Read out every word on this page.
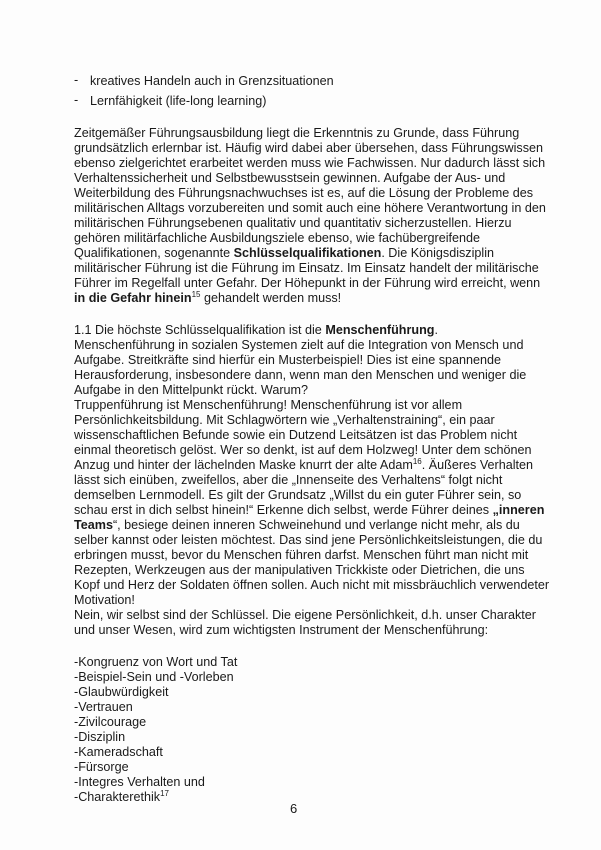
- kreatives Handeln auch in Grenzsituationen
- Lernfähigkeit (life-long learning)
Zeitgemäßer Führungsausbildung liegt die Erkenntnis zu Grunde, dass Führung
grundsätzlich erlernbar ist. Häufig wird dabei aber übersehen, dass Führungswissen
ebenso zielgerichtet erarbeitet werden muss wie Fachwissen. Nur dadurch lässt sich
Verhaltenssicherheit und Selbstbewusstsein gewinnen. Aufgabe der Aus- und
Weiterbildung des Führungsnachwuchses ist es, auf die Lösung der Probleme des
militärischen Alltags vorzubereiten und somit auch eine höhere Verantwortung in den
militärischen Führungsebenen qualitativ und quantitativ sicherzustellen. Hierzu
gehören militärfachliche Ausbildungsziele ebenso, wie fachübergreifende
Qualifikationen, sogenannte Schlüsselqualifikationen. Die Königsdisziplin
militärischer Führung ist die Führung im Einsatz. Im Einsatz handelt der militärische
Führer im Regelfall unter Gefahr. Der Höhepunkt in der Führung wird erreicht, wenn
in die Gefahr hinein$^{15}$ gehandelt werden muss!
1.1 Die höchste Schlüsselqualifikation ist die Menschenführung.
Menschenführung in sozialen Systemen zielt auf die Integration von Mensch und
Aufgabe. Streitkräfte sind hierfür ein Musterbeispiel! Dies ist eine spannende
Herausforderung, insbesondere dann, wenn man den Menschen und weniger die
Aufgabe in den Mittelpunkt rückt. Warum?
Truppenführung ist Menschenführung! Menschenführung ist vor allem
Persönlichkeitsbildung. Mit Schlagwörtern wie „Verhaltenstraining“, ein paar
wissenschaftlichen Befunde sowie ein Dutzend Leitsätzen ist das Problem nicht
einmal theoretisch gelöst. Wer so denkt, ist auf dem Holzweg! Unter dem schönen
Anzug und hinter der lächelnden Maske knurrt der alte Adam$^{16}$. Äußeres Verhalten
lässt sich einüben, zweifellos, aber die „Innenseite des Verhaltens“ folgt nicht
demselben Lernmodell. Es gilt der Grundsatz „Willst du ein guter Führer sein, so
schau erst in dich selbst hinein!“ Erkenne dich selbst, werde Führer deines „inneren
Teams“, besiege deinen inneren Schweinehund und verlange nicht mehr, als du
selber kannst oder leisten möchtest. Das sind jene Persönlichkeitsleistungen, die du
erbringen musst, bevor du Menschen führen darfst. Menschen führt man nicht mit
Rezepten, Werkzeugen aus der manipulativen Trickkiste oder Dietrichen, die uns
Kopf und Herz der Soldaten öffnen sollen. Auch nicht mit missbräuchlich verwendeter
Motivation!
Nein, wir selbst sind der Schlüssel. Die eigene Persönlichkeit, d.h. unser Charakter
und unser Wesen, wird zum wichtigsten Instrument der Menschenführung:
-Kongruenz von Wort und Tat
-Beispiel-Sein und -Vorleben
-Glaubwürdigkeit
-Vertrauen
-Zivilcourage
-Disziplin
-Kameradschaft
-Fürsorge
-Integres Verhalten und
-Charakterethik$^{17}$
6
